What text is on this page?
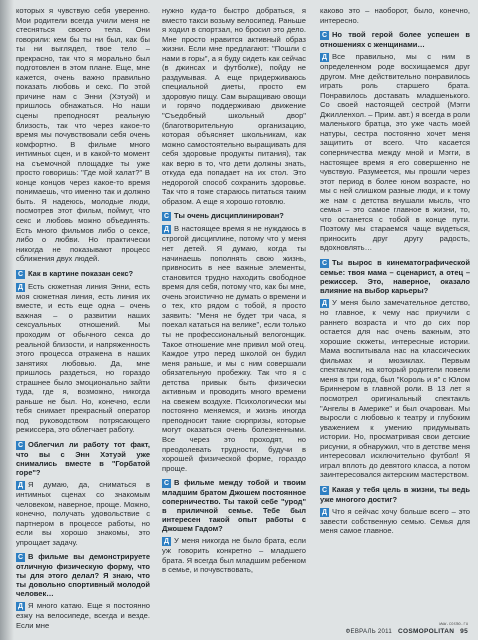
которых я чувствую себя уверенно. Мои родители всегда учили меня не стесняться своего тела. Они говорили: кем бы ты ни был, как бы ты ни выглядел, твое тело – прекрасно, так что я морально был подготовлен в этом плане. Еще, мне кажется, очень важно правильно показать любовь и секс. По этой причине нам с Энни (Хэтуэй) и пришлось обнажаться. Но наши сцены преподносят реальную близость, так что через какое-то время мы почувствовали себя очень комфортно. В фильме много интимных сцен, и в какой-то момент на съемочной площадке ты уже просто говоришь: "Где мой халат?" В конце концов через какое-то время понимаешь, что именно так и должно быть. Я надеюсь, молодые люди, посмотрев этот фильм, поймут, что секс и любовь можно объединять. Есть много фильмов либо о сексе, либо о любви. Но практически никогда не показывают процесс сближения двух людей.

C Как в картине показан секс?

Д Есть сюжетная линия Энни, есть моя сюжетная линия, есть линия их вместе, и есть еще одна – очень важная – о развитии наших сексуальных отношений. Мы проходим от обычного секса до реальной близости, и напряженность этого процесса отражена в наших занятиях любовью. Да, мне пришлось раздеться, но гораздо страшнее было эмоционально зайти туда, где я, возможно, никогда раньше не был. Но, конечно, если тебя снимает прекрасный оператор под руководством потрясающего режиссера, это облегчает работу.

C Облегчил ли работу тот факт, что вы с Энн Хэтуэй уже снимались вместе в "Горбатой горе"?

Д Я думаю, да, сниматься в интимных сценах со знакомым человеком, наверное, проще. Можно, конечно, получать удовольствие с партнером в процессе работы, но если вы хорошо знакомы, это упрощает задачу.

C В фильме вы демонстрируете отличную физическую форму, что ты для этого делал? Я знаю, что ты довольно спортивный молодой человек…

Д Я много катаю. Еще я постоянно езжу на велосипеде, всегда и везде. Если мне

нужно куда-то быстро добраться, я вместо такси возьму велосипед. Раньше я ходил в спортзал, но бросил это дело. Мне просто нравится активный образ жизни. Если мне предлагают: "Пошли с нами в горы", а я буду сидеть как сейчас (в джинсах и футболке), пойду не раздумывая. А еще придерживаюсь специальной диеты, просто ем здоровую пищу. Сам выращиваю овощи и горячо поддерживаю движение "Съедобный школьный двор" (благотворительную организацию, которая объясняет школьникам, как можно самостоятельно выращивать для себя здоровые продукты питания), так как верю в то, что дети должны знать, откуда еда попадает на их стол. Это недорогой способ сохранить здоровье. Так что я тоже стараюсь питаться таким образом. А еще я хорошо готовлю.

C Ты очень дисциплинирован?

Д В настоящее время я не нуждаюсь в строгой дисциплине, потому что у меня нет детей. Я думаю, когда ты начинаешь пополнять свою жизнь, привносить в нее важные элементы, становится трудно находить свободное время для себя, потому что, как бы мне, очень эгоистично не думать о времени и о тех, кто рядом с тобой, я просто заявить: "Меня не будет три часа, я поехал кататься на велике", если только ты не профессиональный велогонщик. Такое отношение мне привил мой отец. Каждое утро перед школой он будил меня раньше, и мы с ним совершали обязательную пробежку. Так что я с детства привык быть физически активным и проводить много времени на свежем воздухе. Психологически мы постоянно меняемся, и жизнь иногда преподносит такие сюрпризы, которые могут оказаться очень болезненными. Все через это проходят, но преодолевать трудности, будучи в хорошей физической форме, гораздо проще.

C В фильме между тобой и твоим младшим братом Джошем постоянное соперничество. Ты такой себе "урод" в приличной семье. Тебе был интересен такой опыт работы с Джошем Гадом?

Д У меня никогда не было брата, если уж говорить конкретно – младшего брата. Я всегда был младшим ребенком в семье, и почувствовать,

каково это – наоборот, было, конечно, интересно.

C Но твой герой более успешен в отношениях с женщинами…

Д Все правильно, мы с ним в определенном роде восхищаемся друг другом. Мне действительно понравилось играть роль старшего брата. Понравилось доставать младшенького. Со своей настоящей сестрой (Мэгги Джилленхол. – Прим. авт.) я всегда в роли маленького братца, это уже часть моей натуры, сестра постоянно хочет меня защитить от всего. Что касается соперничества между мной и Мэгги, в настоящее время я его совершенно не чувствую. Разумеется, мы прошли через этот период в более юном возрасте, но мы с ней слишком разные люди, и к тому же нам с детства внушали мысль, что семья – это самое главное в жизни, то, что останется с тобой в конце пути. Поэтому мы стараемся чаще видеться, приносить друг другу радость, вдохновлять…

C Ты вырос в кинематографической семье: твоя мама – сценарист, а отец – режиссер. Это, наверное, оказало влияние на выбор карьеры?

Д У меня было замечательное детство, но главное, к чему нас приучили с раннего возраста и что до сих пор остается для нас очень важным, это хорошие сюжеты, интересные истории. Мама воспитывала нас на классических фильмах и мюзиклах. Первым спектаклем, на который родители повели меня в три года, был "Король и я" с Юлом Бриннером в главной роли. В 13 лет я посмотрел оригинальный спектакль "Ангелы в Америке" и был очарован. Мы выросли с любовью к театру и глубоким уважением к умению придумывать истории. Но, просматривая свои детские рисунки, я обнаружил, что в детстве меня интересовал исключительно футбол! Я играл вплоть до девятого класса, а потом заинтересовался актерским мастерством.

C Какая у тебя цель в жизни, ты ведь уже многого достиг?

Д Что я сейчас хочу больше всего – это завести собственную семью. Семья для меня самое главное.

www.cosmo.ru
ФЕВРАЛЬ 2011 COSMOPOLITAN 95
